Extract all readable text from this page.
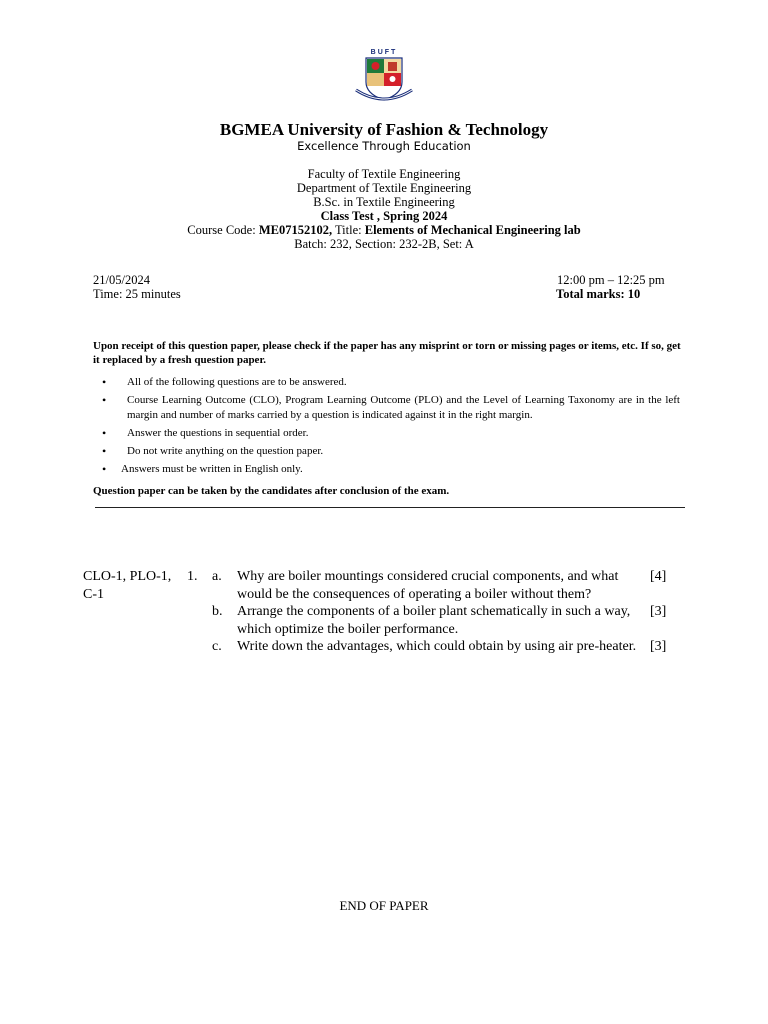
BUFT
BGMEA University of Fashion & Technology
Excellence Through Education
Faculty of Textile Engineering
Department of Textile Engineering
B.Sc. in Textile Engineering
Class Test , Spring 2024
Course Code: ME07152102, Title: Elements of Mechanical Engineering lab
Batch: 232, Section: 232-2B, Set: A
21/05/2024
Time: 25 minutes
12:00 pm – 12:25 pm
Total marks: 10
Upon receipt of this question paper, please check if the paper has any misprint or torn or missing pages or items, etc. If so, get it replaced by a fresh question paper.
• All of the following questions are to be answered.
• Course Learning Outcome (CLO), Program Learning Outcome (PLO) and the Level of Learning Taxonomy are in the left margin and number of marks carried by a question is indicated against it in the right margin.
• Answer the questions in sequential order.
• Do not write anything on the question paper.
• Answers must be written in English only.
Question paper can be taken by the candidates after conclusion of the exam.
CLO-1, PLO-1, C-1
1. a. Why are boiler mountings considered crucial components, and what would be the consequences of operating a boiler without them?
[4]
b. Arrange the components of a boiler plant schematically in such a way, which optimize the boiler performance.
[3]
c. Write down the advantages, which could obtain by using air pre-heater. [3]
END OF PAPER
